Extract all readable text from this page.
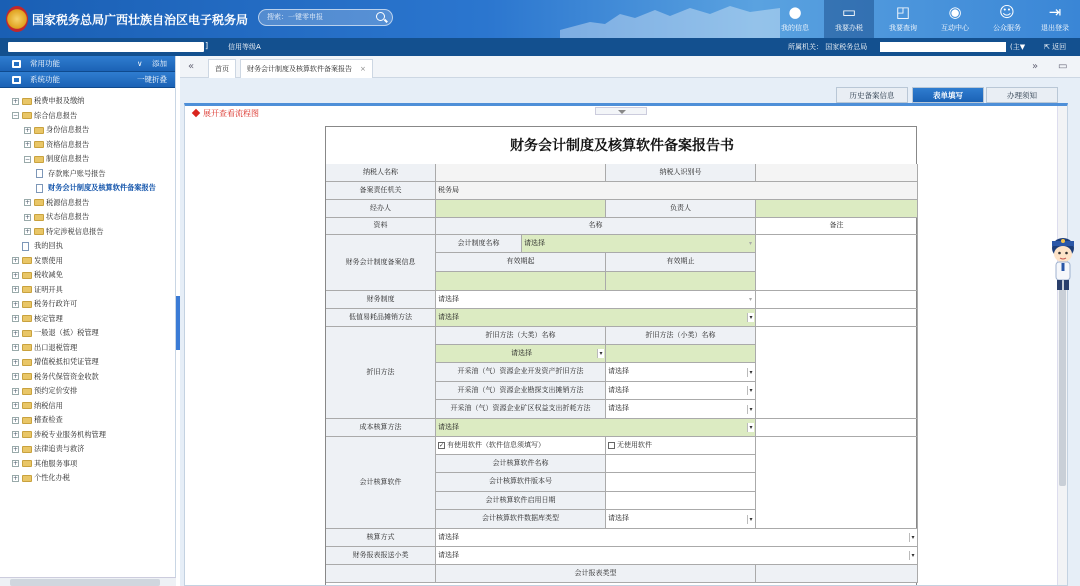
国家税务总局广西壮族自治区电子税务局
搜索：一键零申报	●
我的信息
▭
我要办税
◰
我要查询
◉
互动中心
☺
公众服务
⇥
退出登录
]	信用等级A	所属机关： 国家税务总局	(主▼	⇱ 返回
常用功能	∨    添加
系统功能	一键折叠
+ 税费申报及缴纳
− 综合信息报告
+ 身份信息报告
+ 资格信息报告
− 制度信息报告
存款账户账号报告
财务会计制度及核算软件备案报告
+ 税源信息报告
+ 状态信息报告
+ 特定涉税信息报告
我的回执
+ 发票使用
+ 税收减免
+ 证明开具
+ 税务行政许可
+ 核定管理
+ 一般退（抵）税管理
+ 出口退税管理
+ 增值税抵扣凭证管理
+ 税务代保管资金收款
+ 预约定价安排
+ 纳税信用
+ 稽查检查
+ 涉税专业服务机构管理
+ 法律追责与救济
+ 其他服务事项
+ 个性化办税
«	首页	财务会计制度及核算软件备案报告 ×	» ▭
历史备案信息	表单填写	办理须知
展开查看流程图
财务会计制度及核算软件备案报告书
纳税人名称	纳税人识别号
备案责任机关	税务局
经办人	负责人
资料	名称	备注
财务会计制度备案信息
会计制度名称	请选择	▾
有效期起	有效期止
财务制度	请选择	▾
低值易耗品摊销方法	请选择	▾
折旧方法
折旧方法（大类）名称	折旧方法（小类）名称
请选择	▾
开采油（气）资源企业开发资产折旧方法	请选择	▾
开采油（气）资源企业勘探支出摊销方法	请选择	▾
开采油（气）资源企业矿区权益支出折耗方法	请选择	▾
成本核算方法	请选择	▾
会计核算软件
✓ 有使用软件（软件信息须填写）	无使用软件
会计核算软件名称
会计核算软件版本号
会计核算软件启用日期
会计核算软件数据库类型	请选择	▾
核算方式	请选择	▾
财务报表报送小类	请选择	▾
会计报表类型
